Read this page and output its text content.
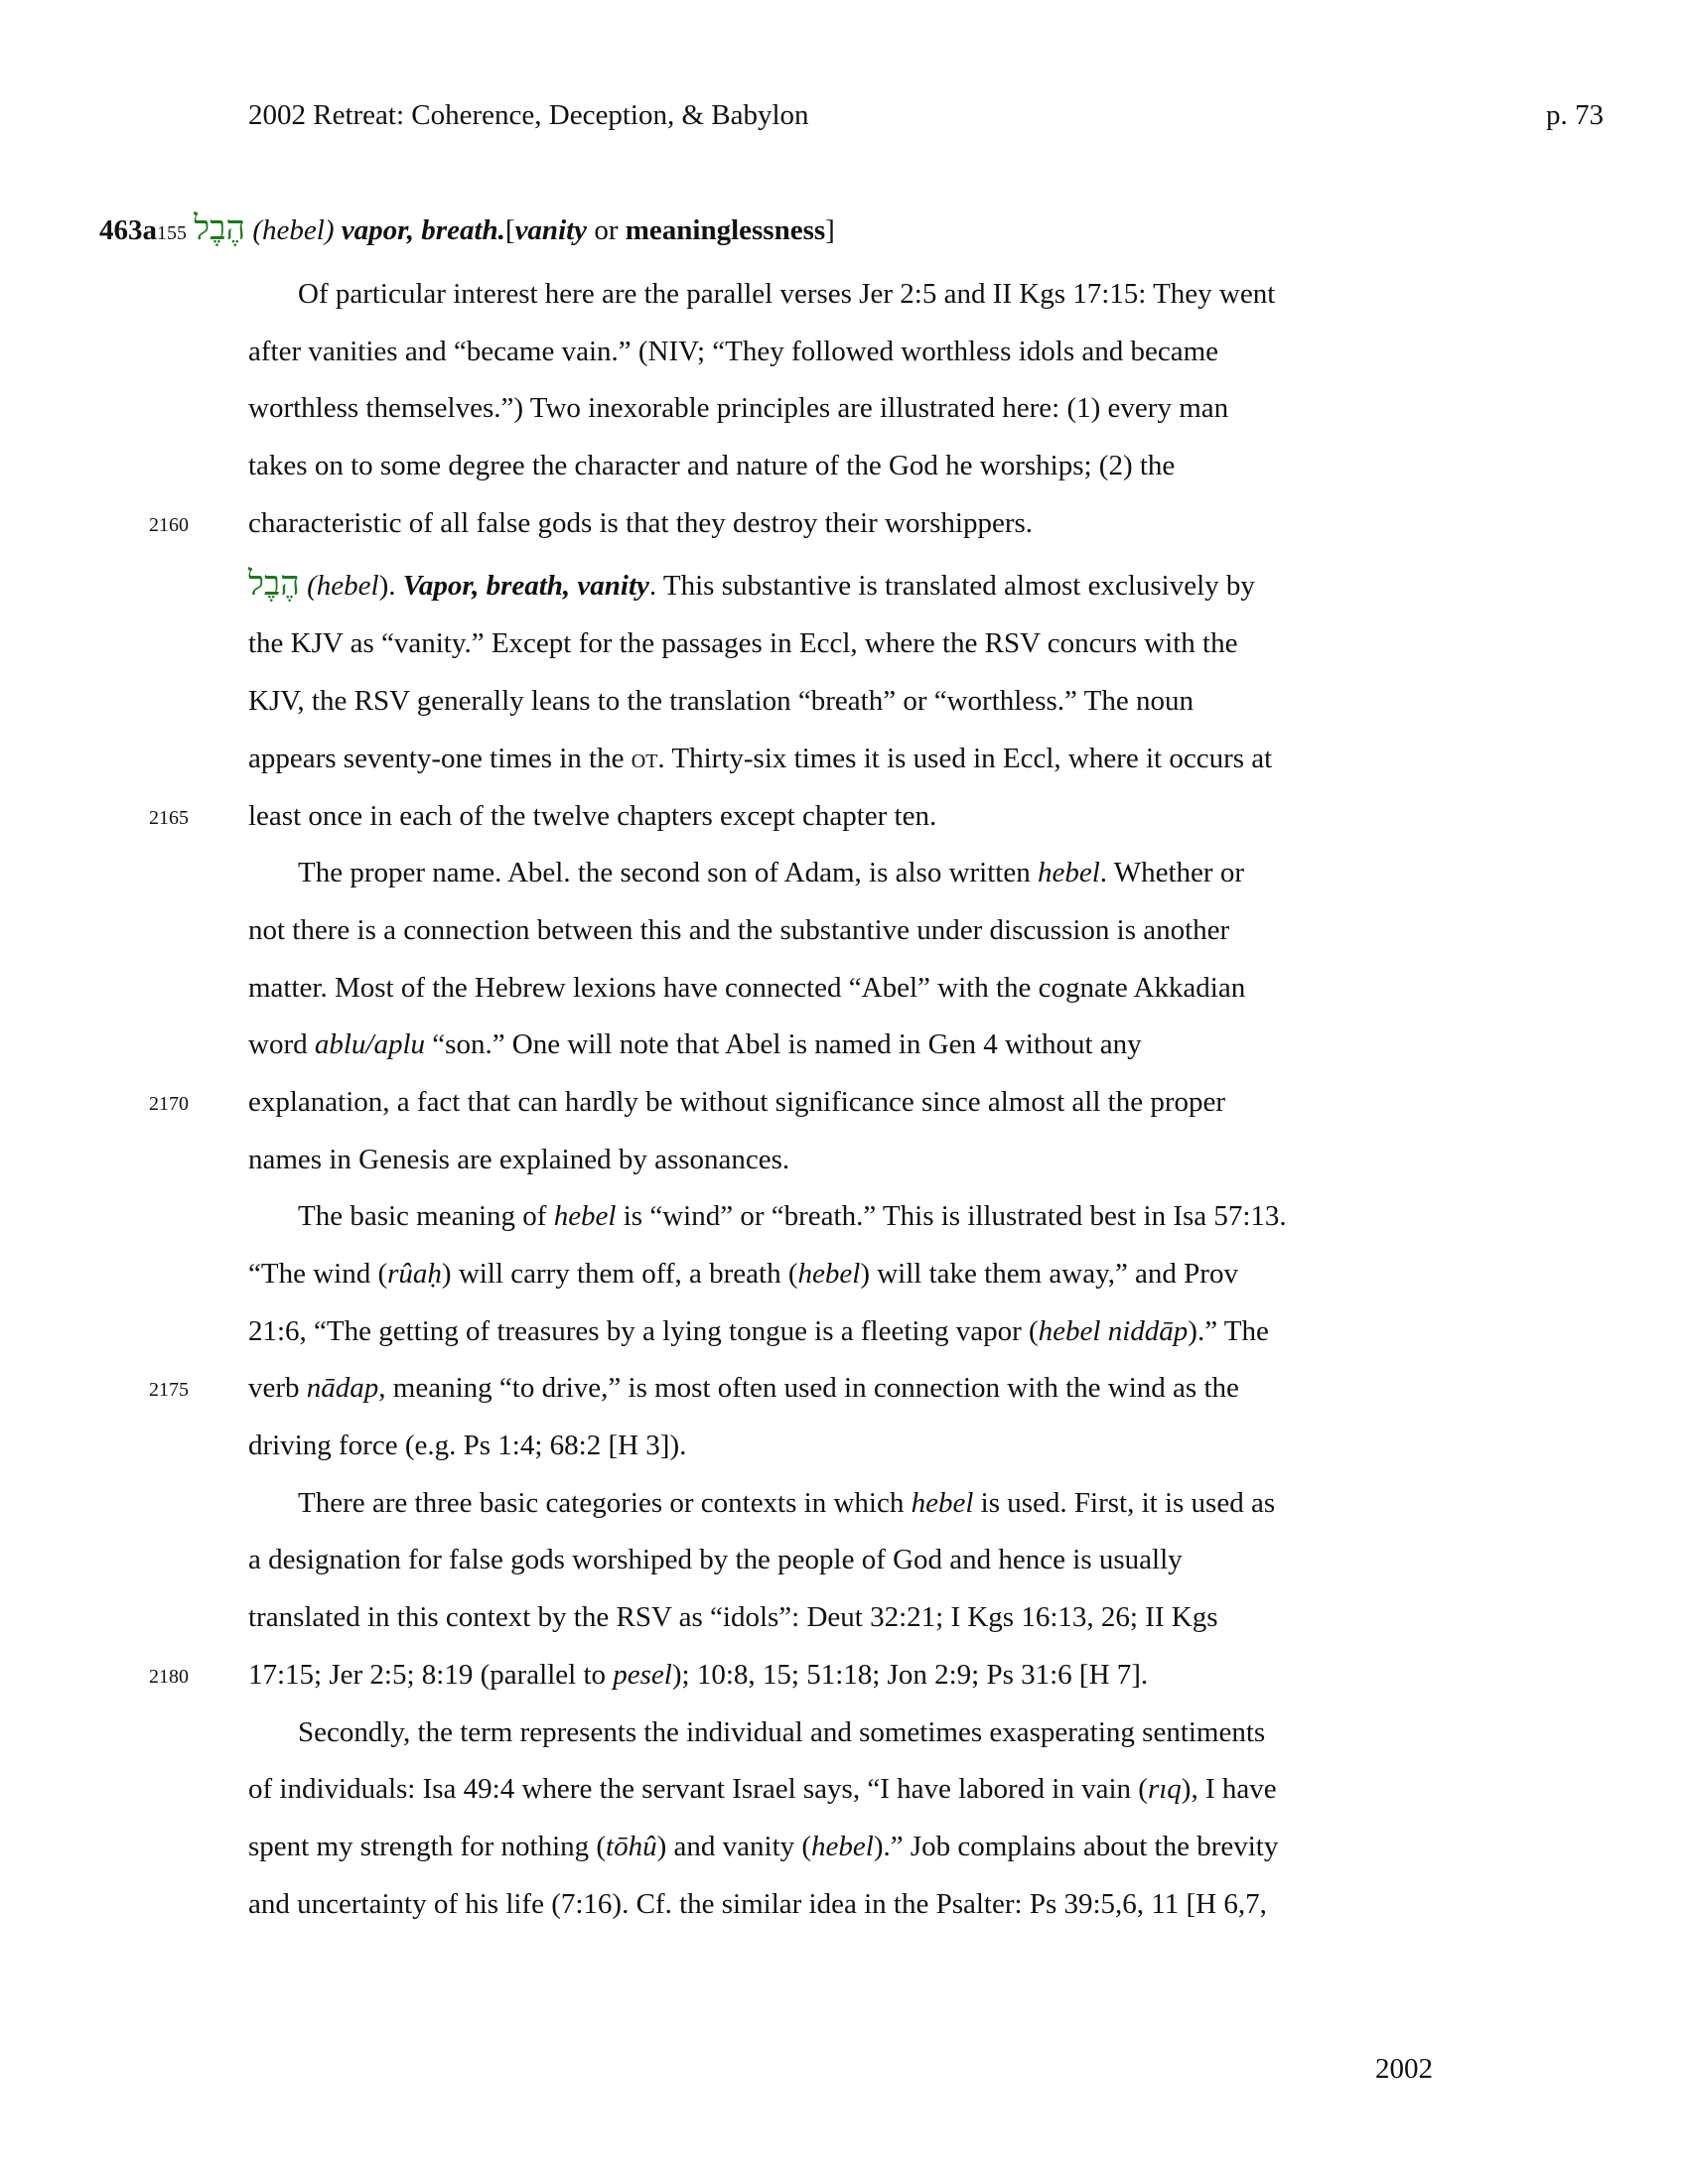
2002 Retreat: Coherence, Deception, & Babylon	p. 73
463a155 הֶבֶל (hebel) vapor, breath.[vanity or meaninglessness]
Of particular interest here are the parallel verses Jer 2:5 and II Kgs 17:15: They went
after vanities and “became vain.” (NIV; “They followed worthless idols and became
worthless themselves.”) Two inexorable principles are illustrated here: (1) every man
takes on to some degree the character and nature of the God he worships; (2) the
2160 characteristic of all false gods is that they destroy their worshippers.
הֶבֶל (hebel). Vapor, breath, vanity. This substantive is translated almost exclusively by
the KJV as “vanity.” Except for the passages in Eccl, where the RSV concurs with the
KJV, the RSV generally leans to the translation “breath” or “worthless.” The noun
appears seventy-one times in the ot. Thirty-six times it is used in Eccl, where it occurs at
2165 least once in each of the twelve chapters except chapter ten.
The proper name. Abel. the second son of Adam, is also written hebel. Whether or
not there is a connection between this and the substantive under discussion is another
matter. Most of the Hebrew lexions have connected “Abel” with the cognate Akkadian
word ablu/aplu “son.” One will note that Abel is named in Gen 4 without any
2170 explanation, a fact that can hardly be without significance since almost all the proper
names in Genesis are explained by assonances.
The basic meaning of hebel is “wind” or “breath.” This is illustrated best in Isa 57:13.
“The wind (rûaḥ) will carry them off, a breath (hebel) will take them away,” and Prov
21:6, “The getting of treasures by a lying tongue is a fleeting vapor (hebel niddāp).” The
2175 verb nādap, meaning “to drive,” is most often used in connection with the wind as the
driving force (e.g. Ps 1:4; 68:2 [H 3]).
There are three basic categories or contexts in which hebel is used. First, it is used as
a designation for false gods worshiped by the people of God and hence is usually
translated in this context by the RSV as “idols”: Deut 32:21; I Kgs 16:13, 26; II Kgs
2180 17:15; Jer 2:5; 8:19 (parallel to pesel); 10:8, 15; 51:18; Jon 2:9; Ps 31:6 [H 7].
Secondly, the term represents the individual and sometimes exasperating sentiments
of individuals: Isa 49:4 where the servant Israel says, “I have labored in vain (rıq), I have
spent my strength for nothing (tōhû) and vanity (hebel).” Job complains about the brevity
and uncertainty of his life (7:16). Cf. the similar idea in the Psalter: Ps 39:5,6, 11 [H 6,7,
2002
